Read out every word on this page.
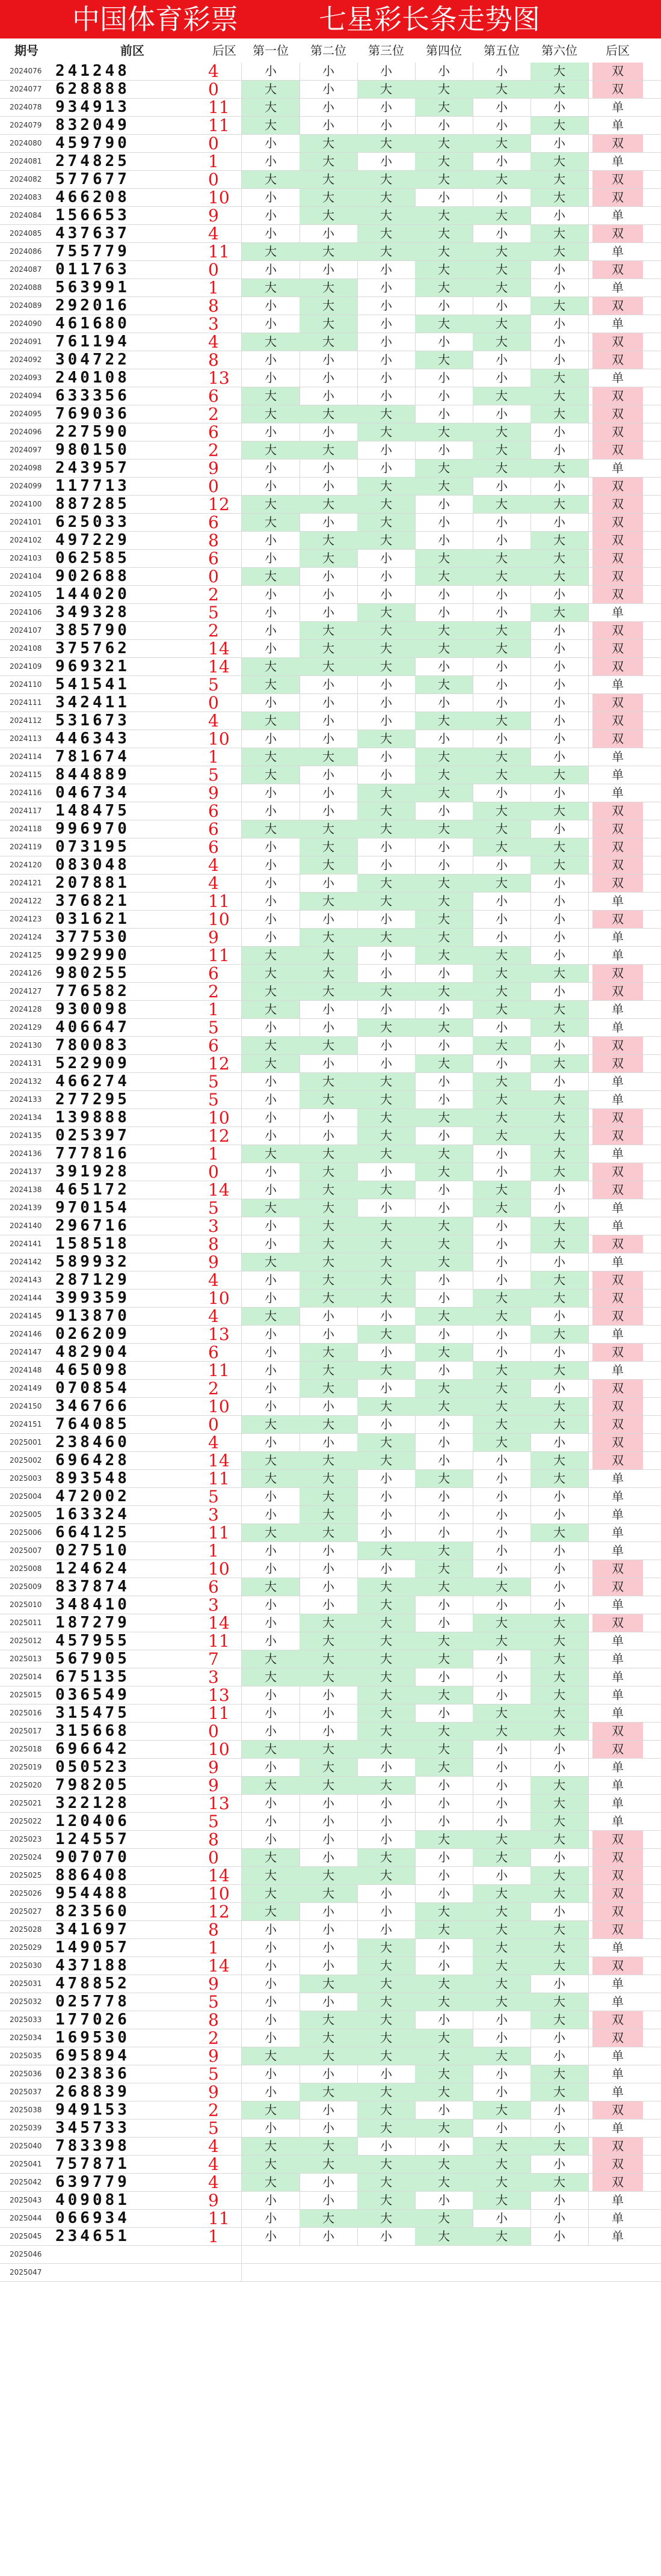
中国体育彩票	七星彩长条走势图
期号	前区	后区	第一位	第二位	第三位	第四位	第五位	第六位	后区
2024076 241248	4	小	小	小	小	小	大	双
2024077 628888	0	大	小	大	大	大	大	双
2024078 934913	11	大	小	小	大	小	小	单
2024079 832049	11	大	小	小	小	小	大	单
2024080 459790	0	小	大	大	大	大	小	双
2024081 274825	1	小	大	小	大	小	大	单
2024082 577677	0	大	大	大	大	大	大	双
2024083 466208	10	小	大	大	小	小	大	双
2024084 156653	9	小	大	大	大	大	小	单
2024085 437637	4	小	小	大	大	小	大	双
2024086 755779	11	大	大	大	大	大	大	单
2024087 011763	0	小	小	小	大	大	小	双
2024088 563991	1	大	大	小	大	大	小	单
2024089 292016	8	小	大	小	小	小	大	双
2024090 461680	3	小	大	小	大	大	小	单
2024091 761194	4	大	大	小	小	大	小	双
2024092 304722	8	小	小	小	大	小	小	双
2024093 240108	13	小	小	小	小	小	大	单
2024094 633356	6	大	小	小	小	大	大	双
2024095 769036	2	大	大	大	小	小	大	双
2024096 227590	6	小	小	大	大	大	小	双
2024097 980150	2	大	大	小	小	大	小	双
2024098 243957	9	小	小	小	大	大	大	单
2024099 117713	0	小	小	大	大	小	小	双
2024100 887285	12	大	大	大	小	大	大	双
2024101 625033	6	大	小	大	小	小	小	双
2024102 497229	8	小	大	大	小	小	大	双
2024103 062585	6	小	大	小	大	大	大	双
2024104 902688	0	大	小	小	大	大	大	双
2024105 144020	2	小	小	小	小	小	小	双
2024106 349328	5	小	小	大	小	小	大	单
2024107 385790	2	小	大	大	大	大	小	双
2024108 375762	14	小	大	大	大	大	小	双
2024109 969321	14	大	大	大	小	小	小	双
2024110 541541	5	大	小	小	大	小	小	单
2024111 342411	0	小	小	小	小	小	小	双
2024112 531673	4	大	小	小	大	大	小	双
2024113 446343	10	小	小	大	小	小	小	双
2024114 781674	1	大	大	小	大	大	小	单
2024115 844889	5	大	小	小	大	大	大	单
2024116 046734	9	小	小	大	大	小	小	单
2024117 148475	6	小	小	大	小	大	大	双
2024118 996970	6	大	大	大	大	大	小	双
2024119 073195	6	小	大	小	小	大	大	双
2024120 083048	4	小	大	小	小	小	大	双
2024121 207881	4	小	小	大	大	大	小	双
2024122 376821	11	小	大	大	大	小	小	单
2024123 031621	10	小	小	小	大	小	小	双
2024124 377530	9	小	大	大	大	小	小	单
2024125 992990	11	大	大	小	大	大	小	单
2024126 980255	6	大	大	小	小	大	大	双
2024127 776582	2	大	大	大	大	大	小	双
2024128 930098	1	大	小	小	小	大	大	单
2024129 406647	5	小	小	大	大	小	大	单
2024130 780083	6	大	大	小	小	大	小	双
2024131 522909	12	大	小	小	大	小	大	双
2024132 466274	5	小	大	大	小	大	小	单
2024133 277295	5	小	大	大	小	大	大	单
2024134 139888	10	小	小	大	大	大	大	双
2024135 025397	12	小	小	大	小	大	大	双
2024136 777816	1	大	大	大	大	小	大	单
2024137 391928	0	小	大	小	大	小	大	双
2024138 465172	14	小	大	大	小	大	小	双
2024139 970154	5	大	大	小	小	大	小	单
2024140 296716	3	小	大	大	大	小	大	单
2024141 158518	8	小	大	大	大	小	大	双
2024142 589932	9	大	大	大	大	小	小	单
2024143 287129	4	小	大	大	小	小	大	双
2024144 399359	10	小	大	大	小	大	大	双
2024145 913870	4	大	小	小	大	大	小	双
2024146 026209	13	小	小	大	小	小	大	单
2024147 482904	6	小	大	小	大	小	小	双
2024148 465098	11	小	大	大	小	大	大	单
2024149 070854	2	小	大	小	大	大	小	双
2024150 346766	10	小	小	大	大	大	大	双
2024151 764085	0	大	大	小	小	大	大	双
2025001 238460	4	小	小	大	小	大	小	双
2025002 696428	14	大	大	大	小	小	大	双
2025003 893548	11	大	大	小	大	小	大	单
2025004 472002	5	小	大	小	小	小	小	单
2025005 163324	3	小	大	小	小	小	小	单
2025006 664125	11	大	大	小	小	小	大	单
2025007 027510	1	小	小	大	大	小	小	单
2025008 124624	10	小	小	小	大	小	小	双
2025009 837874	6	大	小	大	大	大	小	双
2025010 348410	3	小	小	大	小	小	小	单
2025011 187279	14	小	大	大	小	大	大	双
2025012 457955	11	小	大	大	大	大	大	单
2025013 567905	7	大	大	大	大	小	大	单
2025014 675135	3	大	大	大	小	小	大	单
2025015 036549	13	小	小	大	大	小	大	单
2025016 315475	11	小	小	大	小	大	大	单
2025017 315668	0	小	小	大	大	大	大	双
2025018 696642	10	大	大	大	大	小	小	双
2025019 050523	9	小	大	小	大	小	小	单
2025020 798205	9	大	大	大	小	小	大	单
2025021 322128	13	小	小	小	小	小	大	单
2025022 120406	5	小	小	小	小	小	大	单
2025023 124557	8	小	小	小	大	大	大	双
2025024 907070	0	大	小	大	小	大	小	双
2025025 886408	14	大	大	大	小	小	大	双
2025026 954488	10	大	大	小	小	大	大	双
2025027 823560	12	大	小	小	大	大	小	双
2025028 341697	8	小	小	小	大	大	大	双
2025029 149057	1	小	小	大	小	大	大	单
2025030 437188	14	小	小	大	小	大	大	双
2025031 478852	9	小	大	大	大	大	小	单
2025032 025778	5	小	小	大	大	大	大	单
2025033 177026	8	小	大	大	小	小	大	双
2025034 169530	2	小	大	大	大	小	小	双
2025035 695894	9	大	大	大	大	大	小	单
2025036 023836	5	小	小	小	大	小	大	单
2025037 268839	9	小	大	大	大	小	大	单
2025038 949153	2	大	小	大	小	大	小	双
2025039 345733	5	小	小	大	大	小	小	单
2025040 783398	4	大	大	小	小	大	大	双
2025041 757871	4	大	大	大	大	大	小	双
2025042 639779	4	大	小	大	大	大	大	双
2025043 409081	9	小	小	大	小	大	小	单
2025044 066934	11	小	大	大	大	小	小	单
2025045 234651	1	小	小	小	大	大	小	单
2025046
2025047
